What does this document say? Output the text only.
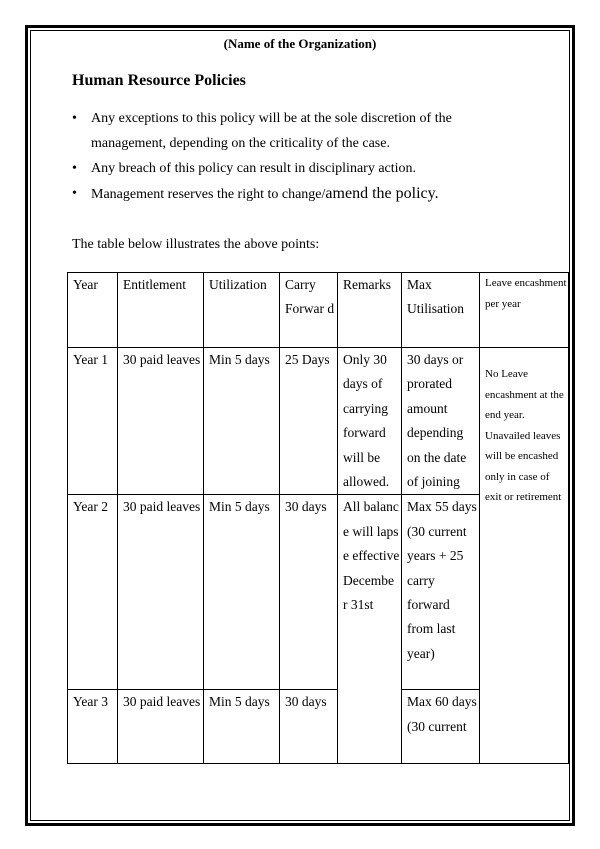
(Name of the Organization)
Human Resource Policies
• Any exceptions to this policy will be at the sole discretion of the management, depending on the criticality of the case.
• Any breach of this policy can result in disciplinary action.
• Management reserves the right to change/amend the policy.
The table below illustrates the above points:
Year	Entitlement	Utilization	Carry Forwar d	Remarks	Max Utilisation	Leave encashment per year
Year 1	30 paid leaves	Min 5 days	25 Days	Only 30 days of carrying forward will be allowed.	30 days or prorated amount depending on the date of joining	No Leave encashment at the end year. Unavailed leaves will be encashed only in case of exit or retirement

Year 2	30 paid leaves	Min 5 days	30 days	All balance will lapse effective Decembe r 31st	Max 55 days (30 current years + 25 carry forward from last year)	
Year 3	30 paid leaves	Min 5 days	30 days		Max 60 days (30 current	
